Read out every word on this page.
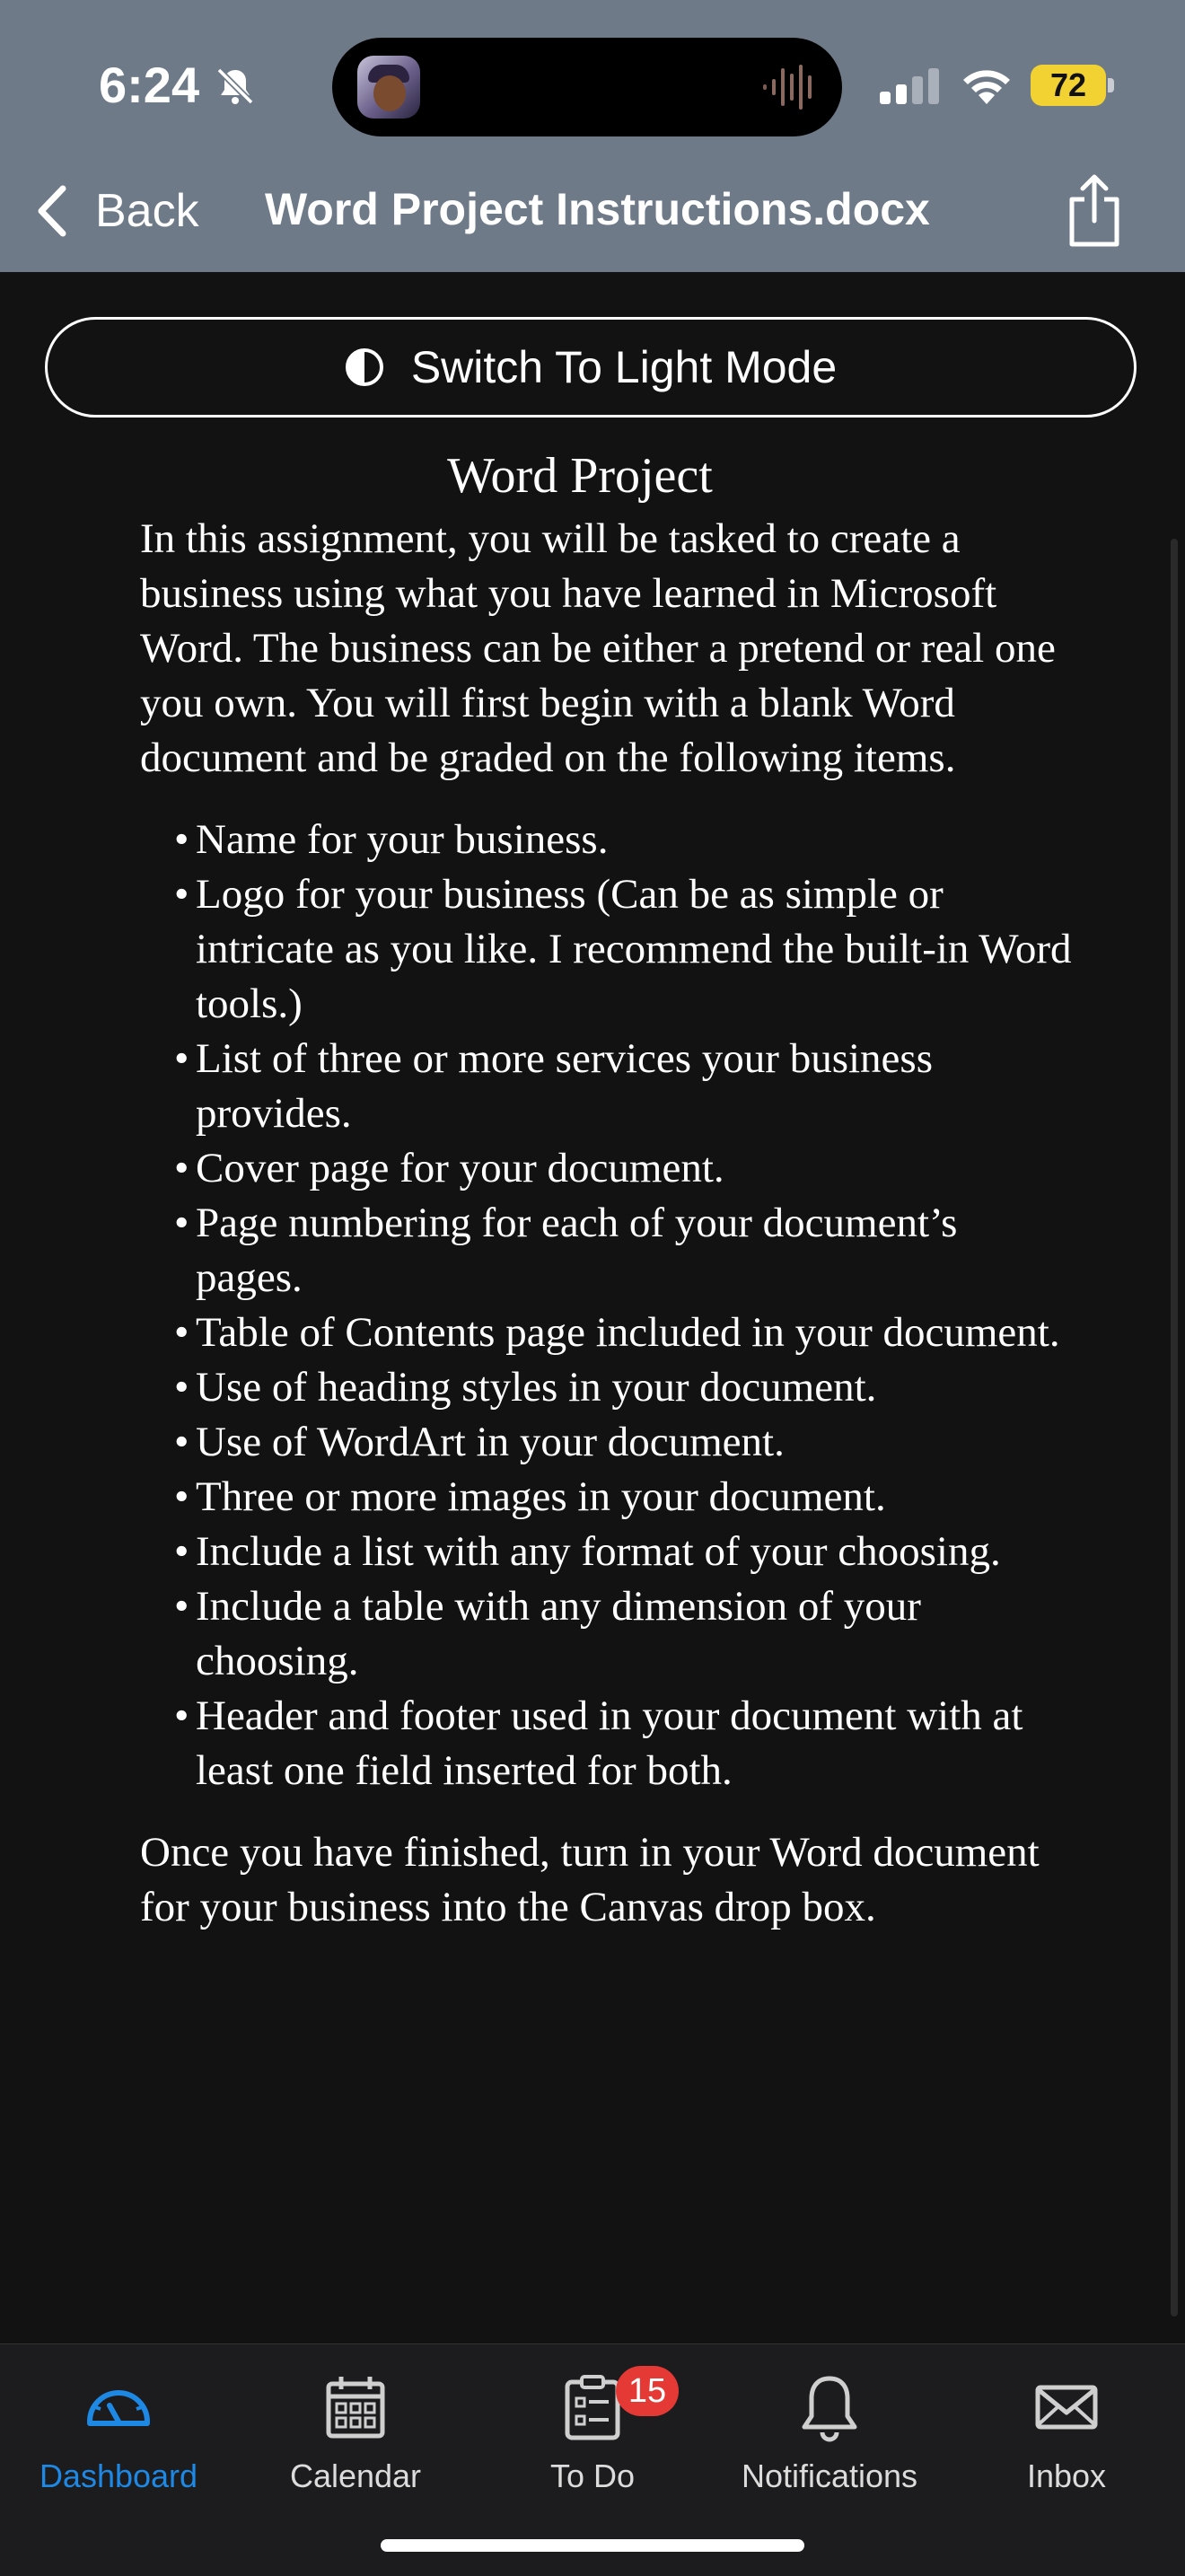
6:24	72
Back Word Project Instructions.docx
Switch To Light Mode
Word Project

In this assignment, you will be tasked to create a business using what you have learned in Microsoft Word. The business can be either a pretend or real one you own. You will first begin with a blank Word document and be graded on the following items.

• Name for your business.
• Logo for your business (Can be as simple or intricate as you like. I recommend the built-in Word tools.)
• List of three or more services your business provides.
• Cover page for your document.
• Page numbering for each of your document’s pages.
• Table of Contents page included in your document.
• Use of heading styles in your document.
• Use of WordArt in your document.
• Three or more images in your document.
• Include a list with any format of your choosing.
• Include a table with any dimension of your choosing.
• Header and footer used in your document with at least one field inserted for both.

Once you have finished, turn in your Word document for your business into the Canvas drop box.

Dashboard	Calendar
15
To Do	Notifications	Inbox
